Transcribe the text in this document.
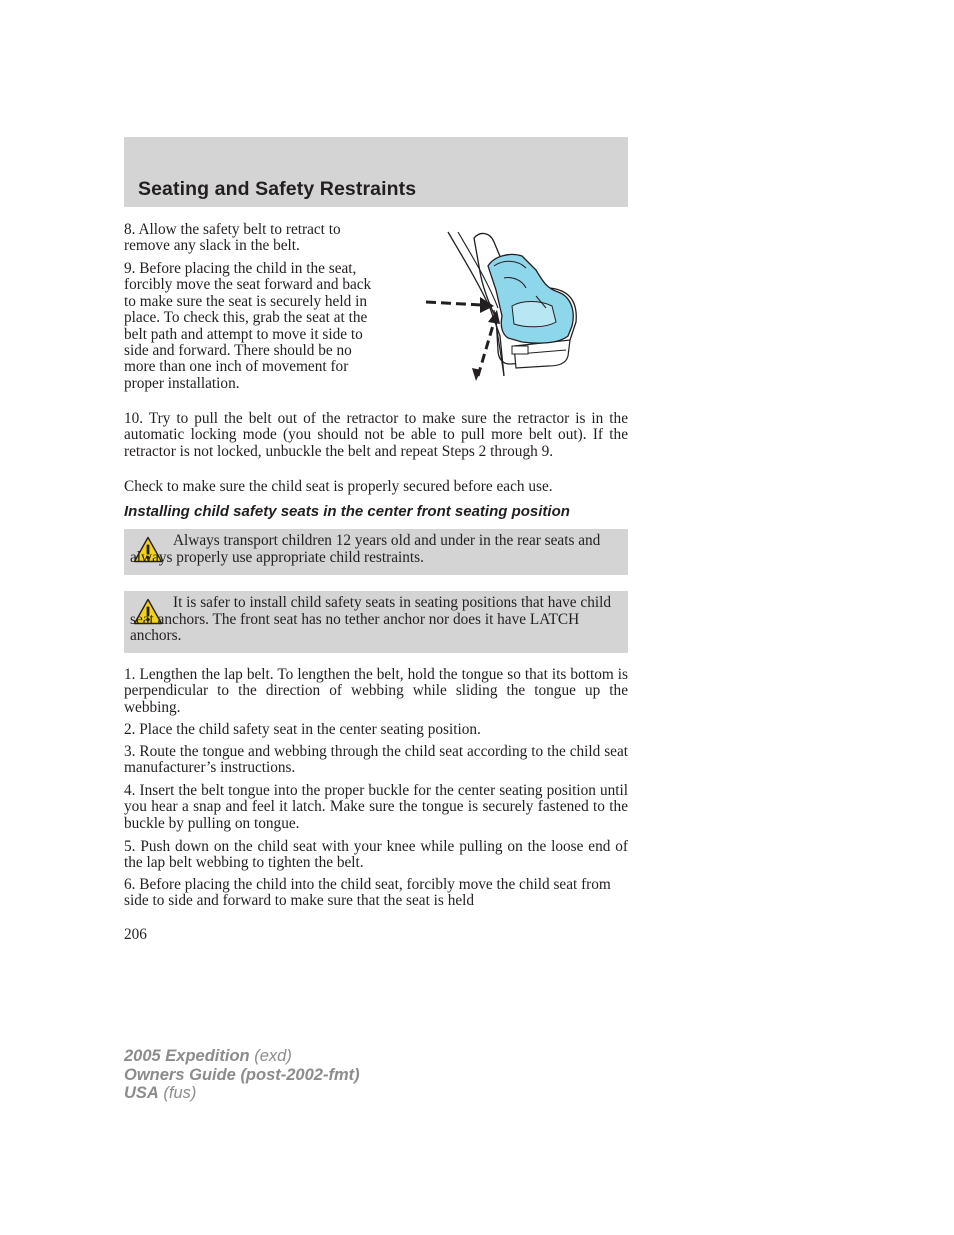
Seating and Safety Restraints

8. Allow the safety belt to retract to remove any slack in the belt.

9. Before placing the child in the seat, forcibly move the seat forward and back to make sure the seat is securely held in place. To check this, grab the seat at the belt path and attempt to move it side to side and forward. There should be no more than one inch of movement for proper installation.

10. Try to pull the belt out of the retractor to make sure the retractor is in the automatic locking mode (you should not be able to pull more belt out). If the retractor is not locked, unbuckle the belt and repeat Steps 2 through 9.

Check to make sure the child seat is properly secured before each use.

Installing child safety seats in the center front seating position

Always transport children 12 years old and under in the rear seats and always properly use appropriate child restraints.

It is safer to install child safety seats in seating positions that have child seat anchors. The front seat has no tether anchor nor does it have LATCH anchors.

1. Lengthen the lap belt. To lengthen the belt, hold the tongue so that its bottom is perpendicular to the direction of webbing while sliding the tongue up the webbing.

2. Place the child safety seat in the center seating position.

3. Route the tongue and webbing through the child seat according to the child seat manufacturer’s instructions.

4. Insert the belt tongue into the proper buckle for the center seating position until you hear a snap and feel it latch. Make sure the tongue is securely fastened to the buckle by pulling on tongue.

5. Push down on the child seat with your knee while pulling on the loose end of the lap belt webbing to tighten the belt.

6. Before placing the child into the child seat, forcibly move the child seat from side to side and forward to make sure that the seat is held

206

2005 Expedition (exd)
Owners Guide (post-2002-fmt)
USA (fus)
